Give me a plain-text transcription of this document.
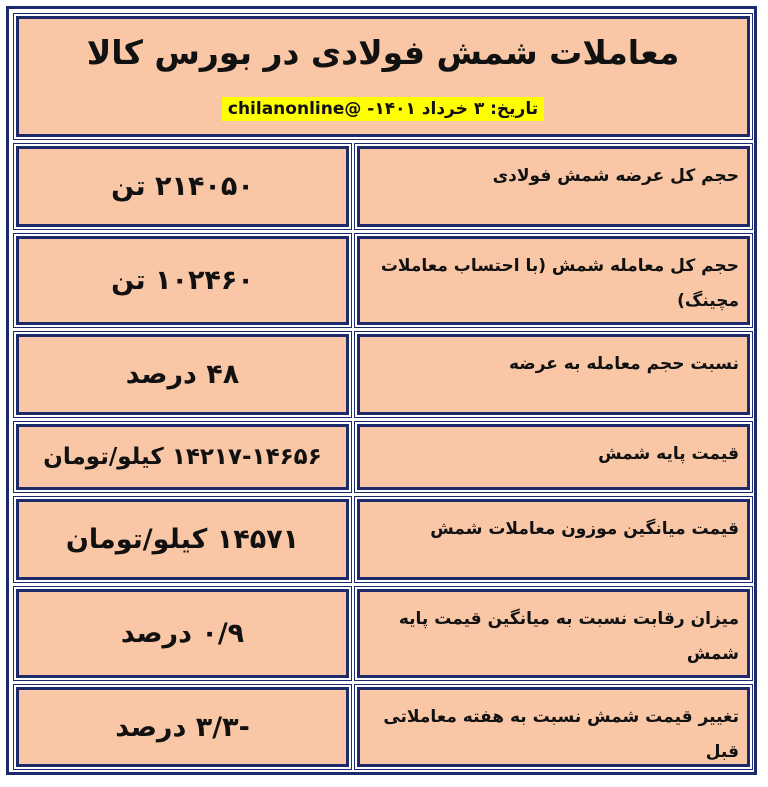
معاملات شمش فولادی در بورس کالا
تاریخ: ۳ خرداد ۱۴۰۱- @chilanonline
حجم کل عرضه شمش فولادی
۲۱۴۰۵۰ تن
حجم کل معامله شمش (با احتساب معاملات مچینگ)
۱۰۲۴۶۰ تن
نسبت حجم معامله به عرضه
۴۸ درصد
قیمت پایه شمش
۱۴۲۱۷-۱۴۶۵۶ کیلو/تومان
قیمت میانگین موزون معاملات شمش
۱۴۵۷۱ کیلو/تومان
میزان رقابت نسبت به میانگین قیمت پایه شمش
۰/۹ درصد
تغییر قیمت شمش نسبت به هفته معاملاتی قبل
-۳/۳ درصد
